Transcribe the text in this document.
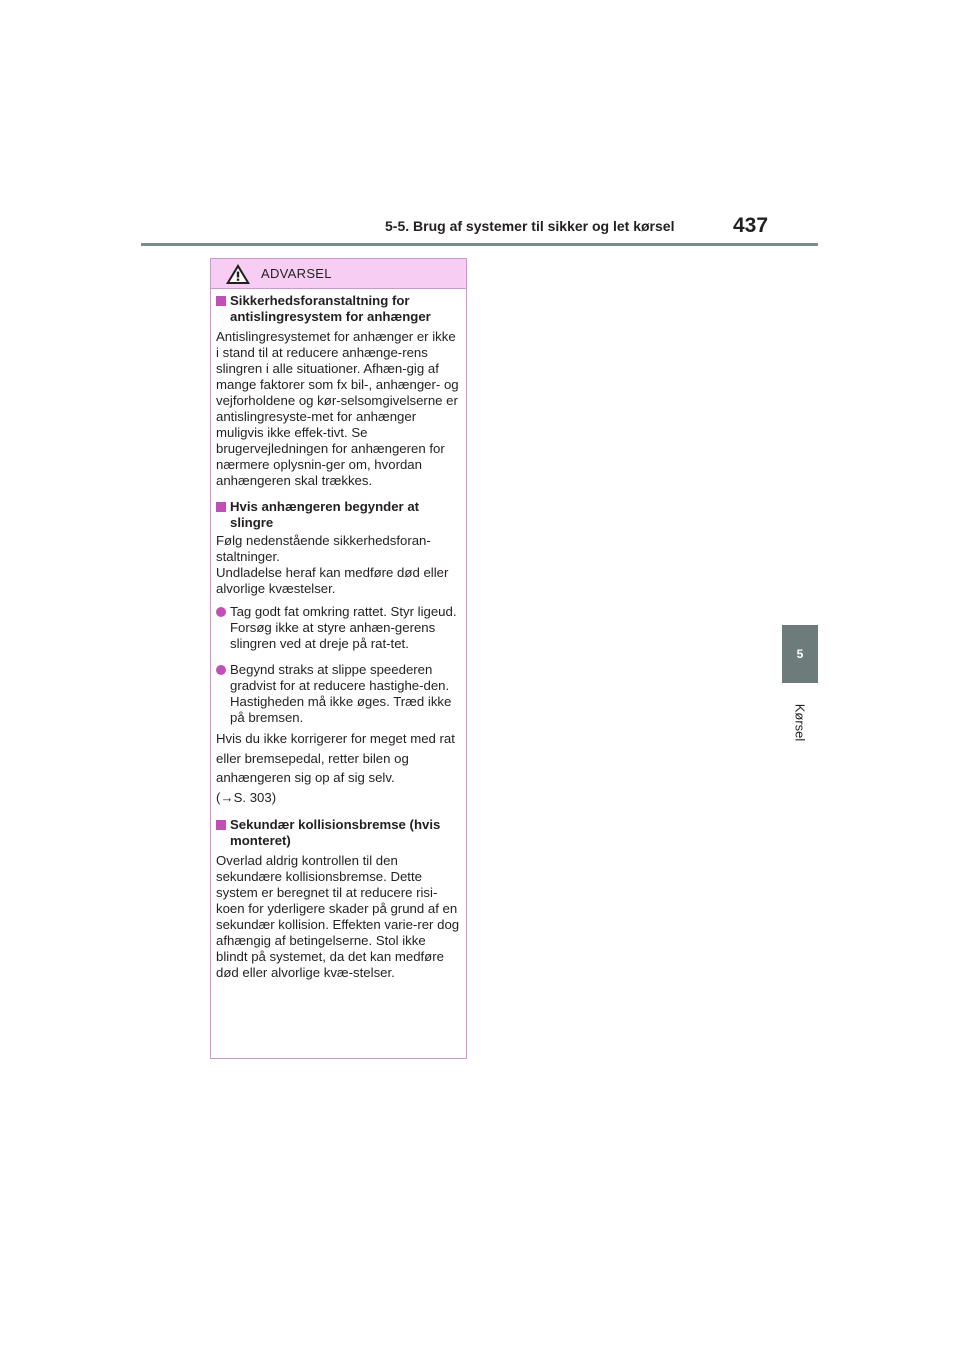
5-5. Brug af systemer til sikker og let kørsel	437
5
Kørsel
ADVARSEL
Sikkerhedsforanstaltning for antislingresystem for anhænger

Antislingresystemet for anhænger er ikke i stand til at reducere anhænge-rens slingren i alle situationer. Afhæn-gig af mange faktorer som fx bil-, anhænger- og vejforholdene og kør-selsomgivelserne er antislingresyste-met for anhænger muligvis ikke effek-tivt. Se brugervejledningen for anhængeren for nærmere oplysnin-ger om, hvordan anhængeren skal trækkes.

Hvis anhængeren begynder at slingre

Følg nedenstående sikkerhedsforan-staltninger.

Undladelse heraf kan medføre død eller alvorlige kvæstelser.

Tag godt fat omkring rattet. Styr ligeud. Forsøg ikke at styre anhæn-gerens slingren ved at dreje på rat-tet.
Begynd straks at slippe speederen gradvist for at reducere hastighe-den.
Hastigheden må ikke øges. Træd ikke på bremsen.

Hvis du ikke korrigerer for meget med rat eller bremsepedal, retter bilen og anhængeren sig op af sig selv.

(→S. 303)

Sekundær kollisionsbremse (hvis monteret)

Overlad aldrig kontrollen til den sekundære kollisionsbremse. Dette system er beregnet til at reducere risi-koen for yderligere skader på grund af en sekundær kollision. Effekten varie-rer dog afhængig af betingelserne. Stol ikke blindt på systemet, da det kan medføre død eller alvorlige kvæ-stelser.
